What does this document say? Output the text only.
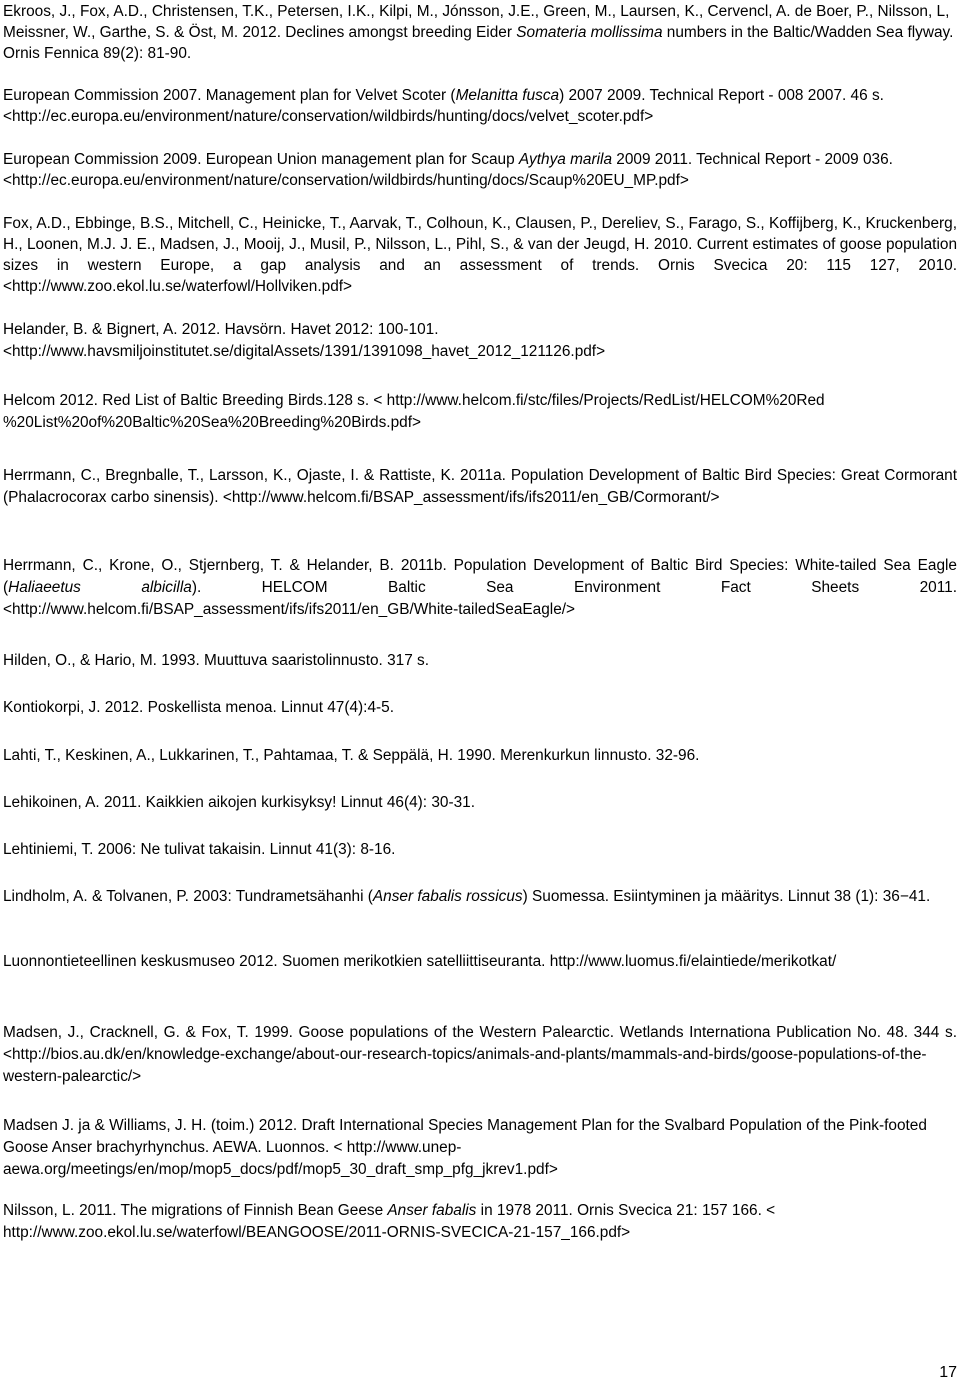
Ekroos, J., Fox, A.D., Christensen, T.K., Petersen, I.K., Kilpi, M., Jónsson, J.E., Green, M., Laursen, K., Cervencl, A. de Boer, P., Nilsson, L, Meissner, W., Garthe, S. & Öst, M. 2012. Declines amongst breeding Eider Somateria mollissima numbers in the Baltic/Wadden Sea flyway. Ornis Fennica 89(2): 81-90.

European Commission 2007. Management plan for Velvet Scoter (Melanitta fusca) 2007 2009. Technical Report - 008 2007. 46 s. <http://ec.europa.eu/environment/nature/conservation/wildbirds/hunting/docs/velvet_scoter.pdf>

European Commission 2009. European Union management plan for Scaup Aythya marila 2009 2011. Technical Report - 2009 036. <http://ec.europa.eu/environment/nature/conservation/wildbirds/hunting/docs/Scaup%20EU_MP.pdf>

Fox, A.D., Ebbinge, B.S., Mitchell, C., Heinicke, T., Aarvak, T., Colhoun, K., Clausen, P., Dereliev, S., Farago, S., Koffijberg, K., Kruckenberg, H., Loonen, M.J. J. E., Madsen, J., Mooij, J., Musil, P., Nilsson, L., Pihl, S., & van der Jeugd, H. 2010. Current estimates of goose population sizes in western Europe, a gap analysis and an assessment of trends. Ornis Svecica 20: 115 127, 2010. <http://www.zoo.ekol.lu.se/waterfowl/Hollviken.pdf>

Helander, B. & Bignert, A. 2012. Havsörn. Havet 2012: 100-101. <http://www.havsmiljoinstitutet.se/digitalAssets/1391/1391098_havet_2012_121126.pdf>

Helcom 2012. Red List of Baltic Breeding Birds.128 s. < http://www.helcom.fi/stc/files/Projects/RedList/HELCOM%20Red %20List%20of%20Baltic%20Sea%20Breeding%20Birds.pdf>

Herrmann, C., Bregnballe, T., Larsson, K., Ojaste, I. & Rattiste, K. 2011a. Population Development of Baltic Bird Species: Great Cormorant (Phalacrocorax carbo sinensis). <http://www.helcom.fi/BSAP_assessment/ifs/ifs2011/en_GB/Cormorant/>

Herrmann, C., Krone, O., Stjernberg, T. & Helander, B. 2011b. Population Development of Baltic Bird Species: White-tailed Sea Eagle (Haliaeetus albicilla). HELCOM Baltic Sea Environment Fact Sheets 2011. <http://www.helcom.fi/BSAP_assessment/ifs/ifs2011/en_GB/White-tailedSeaEagle/>

Hilden, O., & Hario, M. 1993. Muuttuva saaristolinnusto. 317 s.

Kontiokorpi, J. 2012. Poskellista menoa. Linnut 47(4):4-5.

Lahti, T., Keskinen, A., Lukkarinen, T., Pahtamaa, T. & Seppälä, H. 1990. Merenkurkun linnusto. 32-96.

Lehikoinen, A. 2011. Kaikkien aikojen kurkisyksy! Linnut 46(4): 30-31.

Lehtiniemi, T. 2006: Ne tulivat takaisin. Linnut 41(3): 8-16.

Lindholm, A. & Tolvanen, P. 2003: Tundrametsähanhi (Anser fabalis rossicus) Suomessa. Esiintyminen ja määritys. Linnut 38 (1): 36−41.

Luonnontieteellinen keskusmuseo 2012. Suomen merikotkien satelliittiseuranta. http://www.luomus.fi/elaintiede/merikotkat/

Madsen, J., Cracknell, G. & Fox, T. 1999. Goose populations of the Western Palearctic. Wetlands Internationa Publication No. 48. 344 s. <http://bios.au.dk/en/knowledge-exchange/about-our-research-topics/animals-and-plants/mammals-and-birds/goose-populations-of-the-western-palearctic/>

Madsen J. ja & Williams, J. H. (toim.) 2012. Draft International Species Management Plan for the Svalbard Population of the Pink-footed Goose Anser brachyrhynchus. AEWA. Luonnos. < http://www.unep-aewa.org/meetings/en/mop/mop5_docs/pdf/mop5_30_draft_smp_pfg_jkrev1.pdf>

Nilsson, L. 2011. The migrations of Finnish Bean Geese Anser fabalis in 1978 2011. Ornis Svecica 21: 157 166. < http://www.zoo.ekol.lu.se/waterfowl/BEANGOOSE/2011-ORNIS-SVECICA-21-157_166.pdf>

17
